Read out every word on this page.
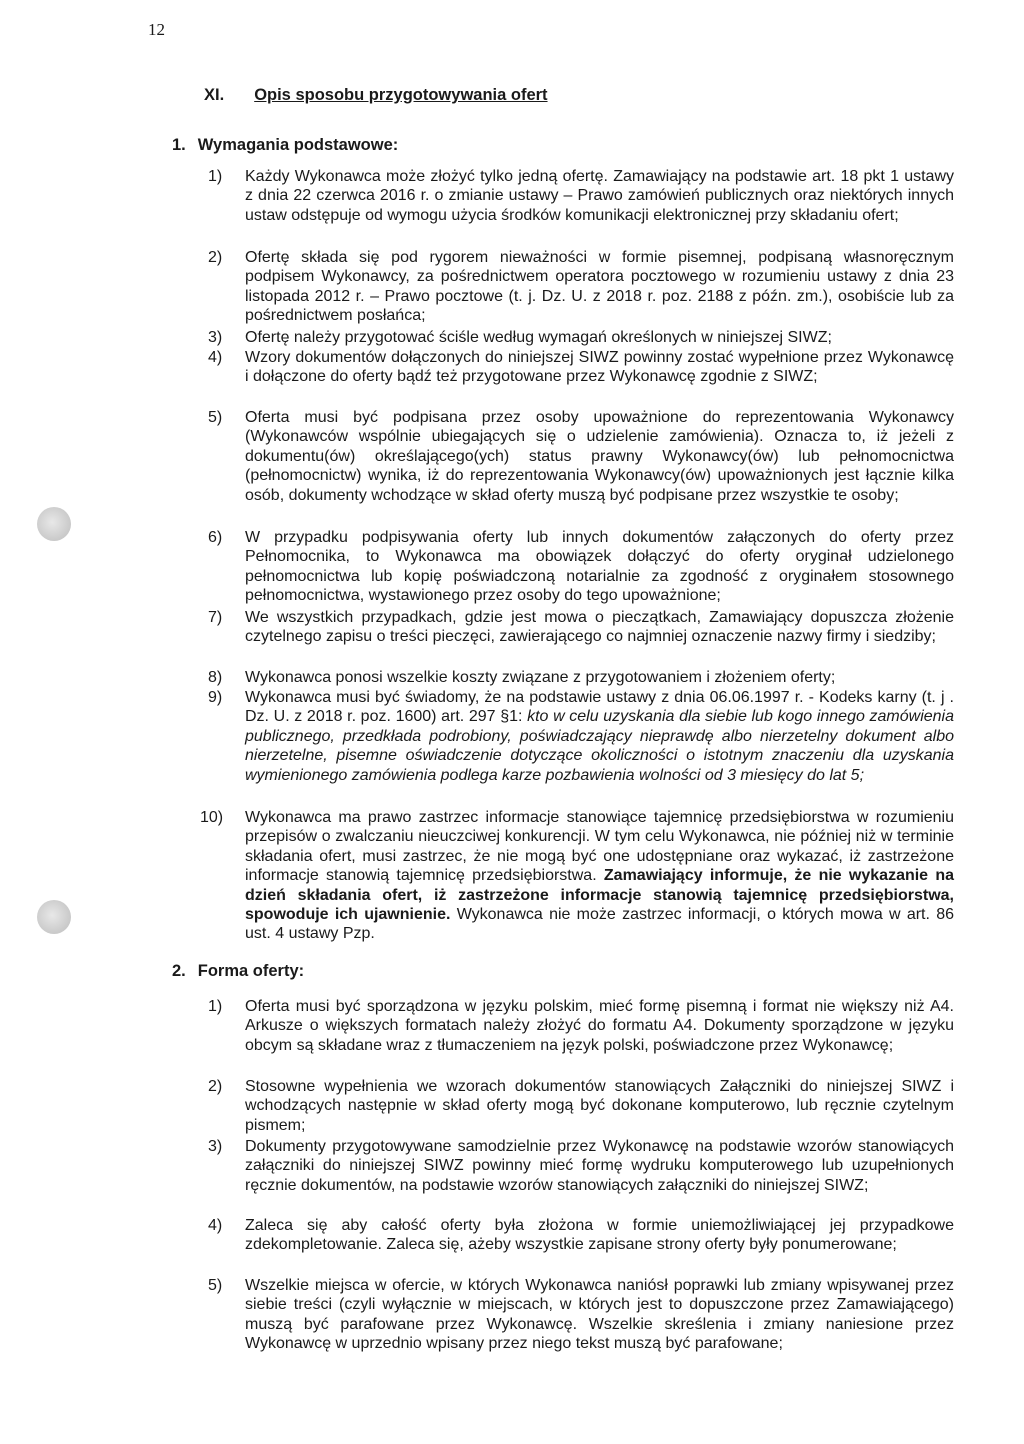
12
XI. Opis sposobu przygotowywania ofert
1. Wymagania podstawowe:
1) Każdy Wykonawca może złożyć tylko jedną ofertę. Zamawiający na podstawie art. 18 pkt 1 ustawy z dnia 22 czerwca 2016 r. o zmianie ustawy – Prawo zamówień publicznych oraz niektórych innych ustaw odstępuje od wymogu użycia środków komunikacji elektronicznej przy składaniu ofert;
2) Ofertę składa się pod rygorem nieważności w formie pisemnej, podpisaną własnoręcznym podpisem Wykonawcy, za pośrednictwem operatora pocztowego w rozumieniu ustawy z dnia 23 listopada 2012 r. – Prawo pocztowe (t. j. Dz. U. z 2018 r. poz. 2188 z późn. zm.), osobiście lub za pośrednictwem posłańca;
3) Ofertę należy przygotować ściśle według wymagań określonych w niniejszej SIWZ;
4) Wzory dokumentów dołączonych do niniejszej SIWZ powinny zostać wypełnione przez Wykonawcę i dołączone do oferty bądź też przygotowane przez Wykonawcę zgodnie z SIWZ;
5) Oferta musi być podpisana przez osoby upoważnione do reprezentowania Wykonawcy (Wykonawców wspólnie ubiegających się o udzielenie zamówienia). Oznacza to, iż jeżeli z dokumentu(ów) określającego(ych) status prawny Wykonawcy(ów) lub pełnomocnictwa (pełnomocnictw) wynika, iż do reprezentowania Wykonawcy(ów) upoważnionych jest łącznie kilka osób, dokumenty wchodzące w skład oferty muszą być podpisane przez wszystkie te osoby;
6) W przypadku podpisywania oferty lub innych dokumentów załączonych do oferty przez Pełnomocnika, to Wykonawca ma obowiązek dołączyć do oferty oryginał udzielonego pełnomocnictwa lub kopię poświadczoną notarialnie za zgodność z oryginałem stosownego pełnomocnictwa, wystawionego przez osoby do tego upoważnione;
7) We wszystkich przypadkach, gdzie jest mowa o pieczątkach, Zamawiający dopuszcza złożenie czytelnego zapisu o treści pieczęci, zawierającego co najmniej oznaczenie nazwy firmy i siedziby;
8) Wykonawca ponosi wszelkie koszty związane z przygotowaniem i złożeniem oferty;
9) Wykonawca musi być świadomy, że na podstawie ustawy z dnia 06.06.1997 r. - Kodeks karny (t. j . Dz. U. z 2018 r. poz. 1600) art. 297 §1: kto w celu uzyskania dla siebie lub kogo innego zamówienia publicznego, przedkłada podrobiony, poświadczający nieprawdę albo nierzetelny dokument albo nierzetelne, pisemne oświadczenie dotyczące okoliczności o istotnym znaczeniu dla uzyskania wymienionego zamówienia podlega karze pozbawienia wolności od 3 miesięcy do lat 5;
10) Wykonawca ma prawo zastrzec informacje stanowiące tajemnicę przedsiębiorstwa w rozumieniu przepisów o zwalczaniu nieuczciwej konkurencji. W tym celu Wykonawca, nie później niż w terminie składania ofert, musi zastrzec, że nie mogą być one udostępniane oraz wykazać, iż zastrzeżone informacje stanowią tajemnicę przedsiębiorstwa. Zamawiający informuje, że nie wykazanie na dzień składania ofert, iż zastrzeżone informacje stanowią tajemnicę przedsiębiorstwa, spowoduje ich ujawnienie. Wykonawca nie może zastrzec informacji, o których mowa w art. 86 ust. 4 ustawy Pzp.
2. Forma oferty:
1) Oferta musi być sporządzona w języku polskim, mieć formę pisemną i format nie większy niż A4. Arkusze o większych formatach należy złożyć do formatu A4. Dokumenty sporządzone w języku obcym są składane wraz z tłumaczeniem na język polski, poświadczone przez Wykonawcę;
2) Stosowne wypełnienia we wzorach dokumentów stanowiących Załączniki do niniejszej SIWZ i wchodzących następnie w skład oferty mogą być dokonane komputerowo, lub ręcznie czytelnym pismem;
3) Dokumenty przygotowywane samodzielnie przez Wykonawcę na podstawie wzorów stanowiących załączniki do niniejszej SIWZ powinny mieć formę wydruku komputerowego lub uzupełnionych ręcznie dokumentów, na podstawie wzorów stanowiących załączniki do niniejszej SIWZ;
4) Zaleca się aby całość oferty była złożona w formie uniemożliwiającej jej przypadkowe zdekompletowanie. Zaleca się, ażeby wszystkie zapisane strony oferty były ponumerowane;
5) Wszelkie miejsca w ofercie, w których Wykonawca naniósł poprawki lub zmiany wpisywanej przez siebie treści (czyli wyłącznie w miejscach, w których jest to dopuszczone przez Zamawiającego) muszą być parafowane przez Wykonawcę. Wszelkie skreślenia i zmiany naniesione przez Wykonawcę w uprzednio wpisany przez niego tekst muszą być parafowane;
